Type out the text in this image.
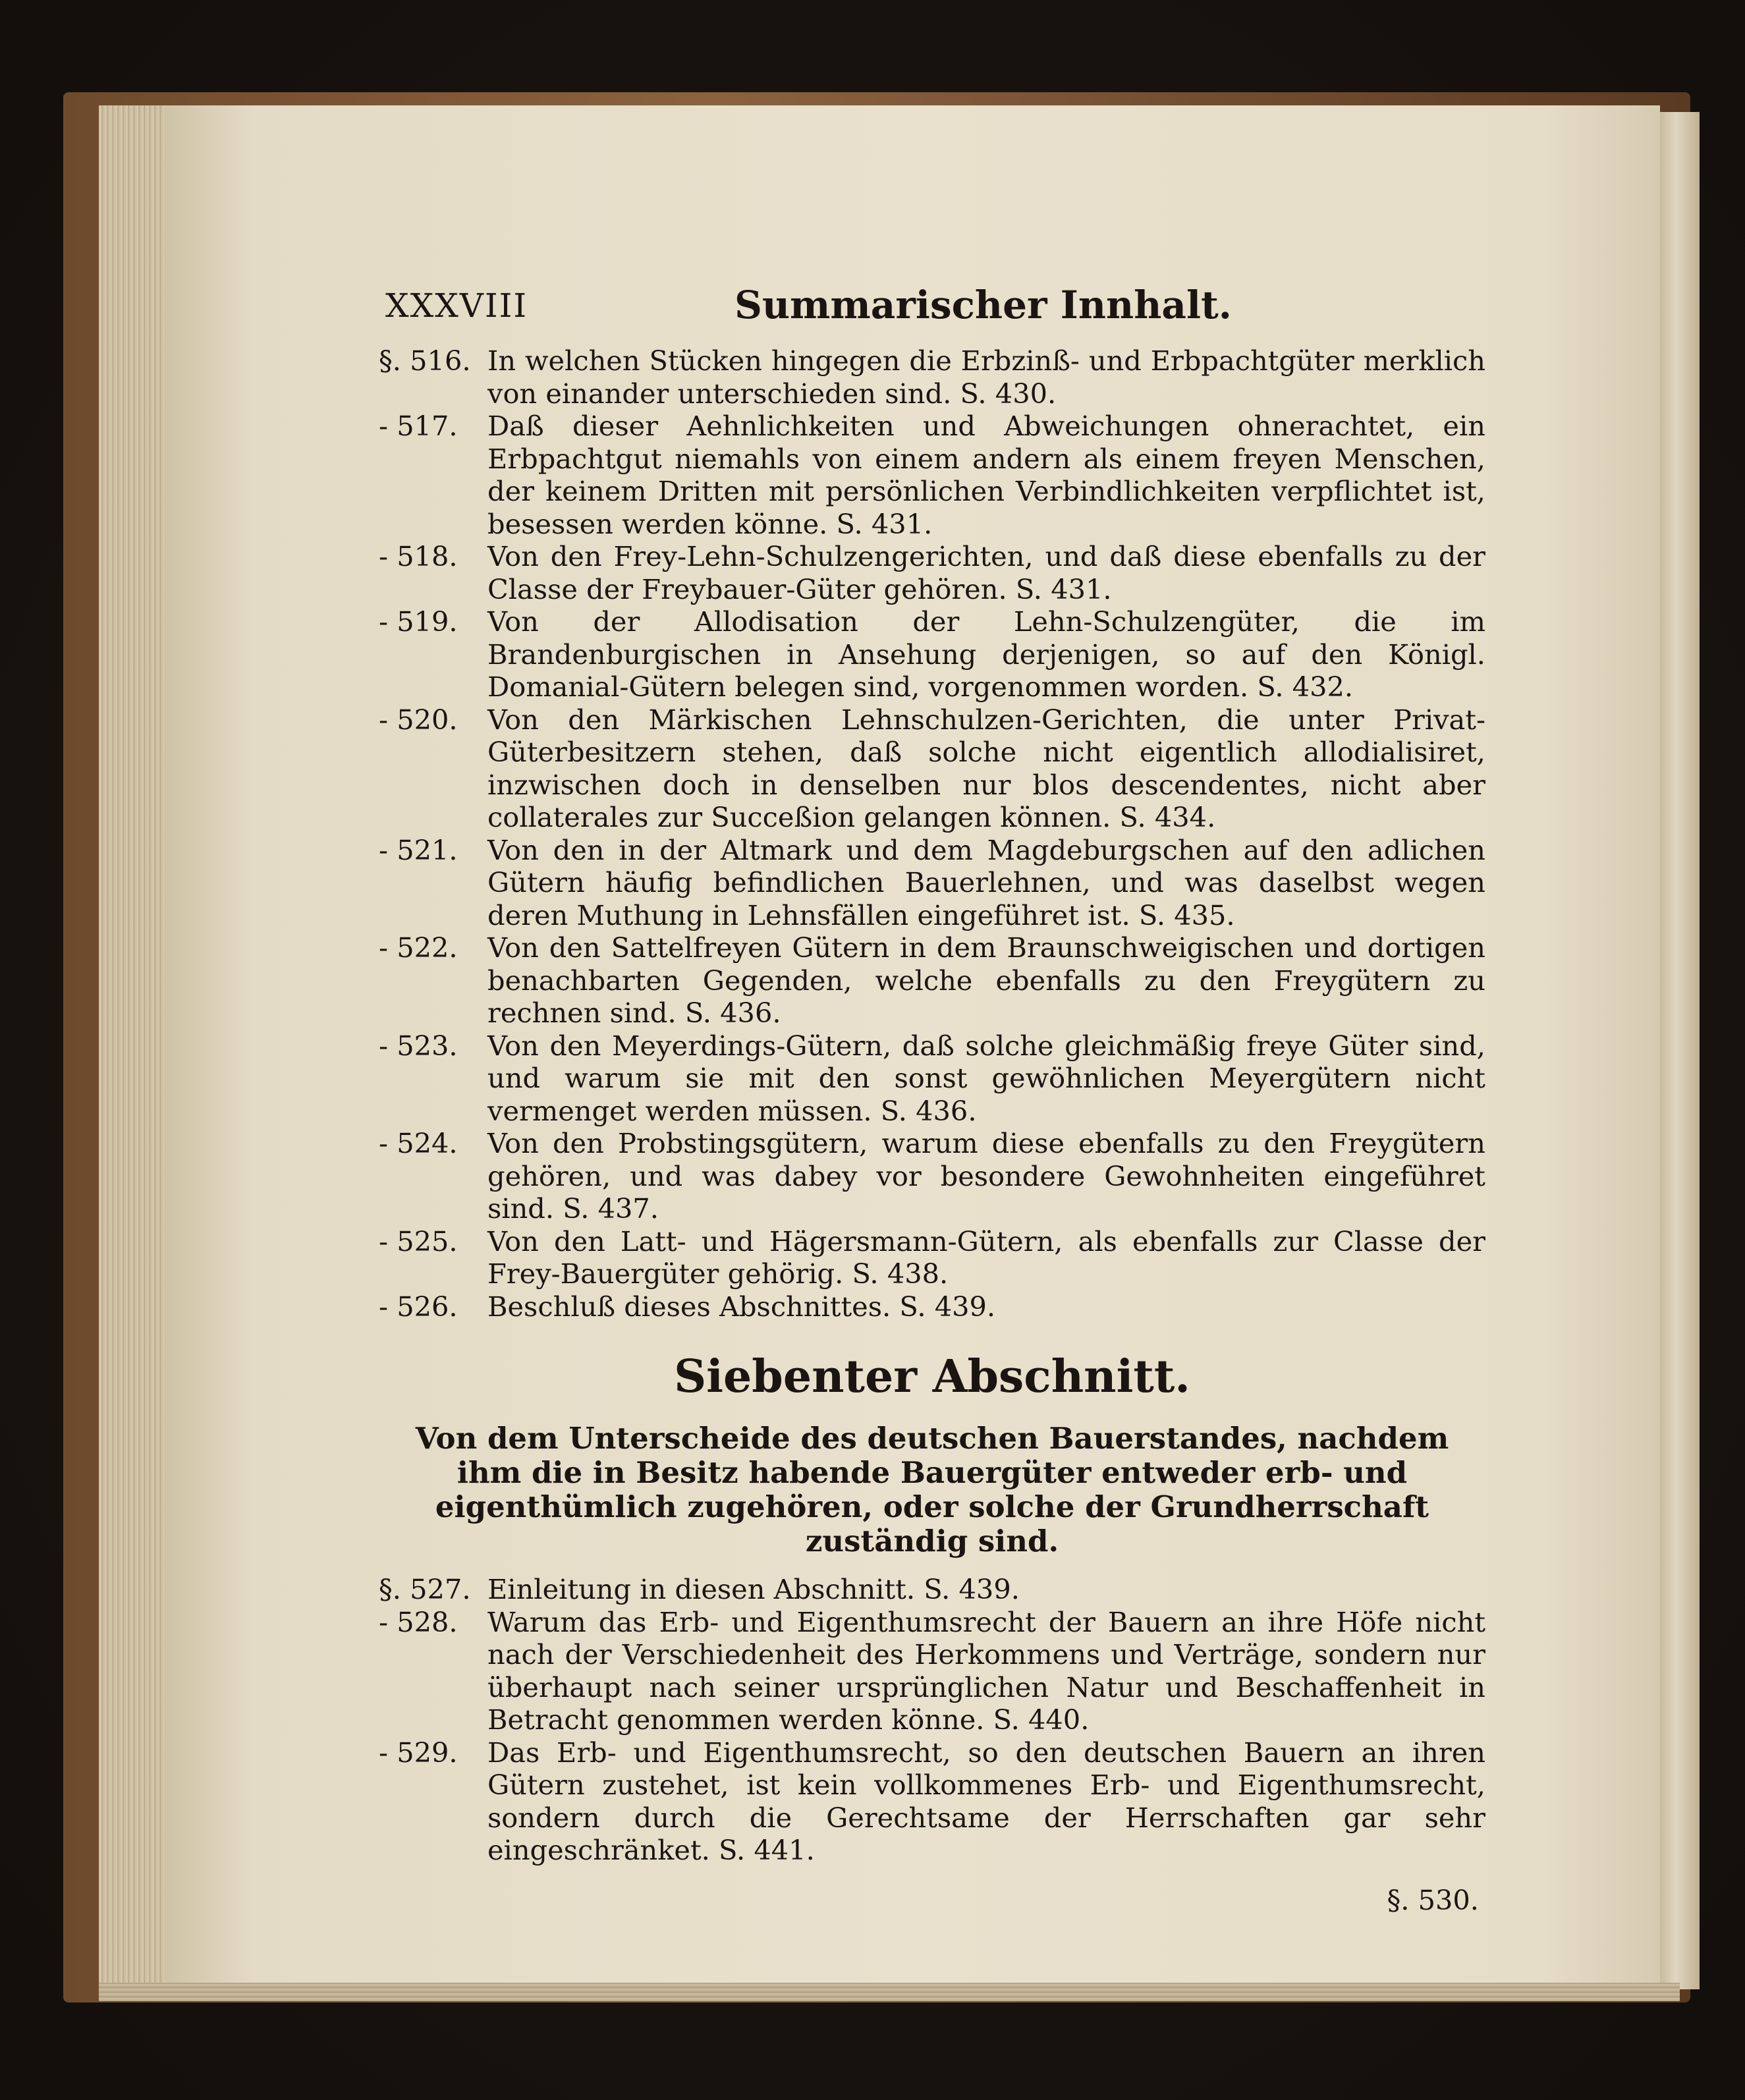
XXXVIII	Summarischer Innhalt.
§. 516. In welchen Stücken hingegen die Erbzinß- und Erbpachtgüter merklich von einander unterschieden sind. S. 430.
- 517.	Daß dieser Aehnlichkeiten und Abweichungen ohnerachtet, ein Erbpachtgut niemahls von einem andern als einem freyen Menschen, der keinem Dritten mit persönlichen Verbindlichkeiten verpflichtet ist, besessen werden könne. S. 431.
- 518.	Von den Frey-Lehn-Schulzengerichten, und daß diese ebenfalls zu der Classe der Freybauer-Güter gehören. S. 431.
- 519.	Von der Allodisation der Lehn-Schulzengüter, die im Brandenburgischen in Ansehung derjenigen, so auf den Königl. Domanial-Gütern belegen sind, vorgenommen worden. S. 432.
- 520.	Von den Märkischen Lehnschulzen-Gerichten, die unter Privat-Güterbesitzern stehen, daß solche nicht eigentlich allodialisiret, inzwischen doch in denselben nur blos descendentes, nicht aber collaterales zur Succeßion gelangen können. S. 434.
- 521.	Von den in der Altmark und dem Magdeburgschen auf den adlichen Gütern häufig befindlichen Bauerlehnen, und was daselbst wegen deren Muthung in Lehnsfällen eingeführet ist. S. 435.
- 522.	Von den Sattelfreyen Gütern in dem Braunschweigischen und dortigen benachbarten Gegenden, welche ebenfalls zu den Freygütern zu rechnen sind. S. 436.
- 523.	Von den Meyerdings-Gütern, daß solche gleichmäßig freye Güter sind, und warum sie mit den sonst gewöhnlichen Meyergütern nicht vermenget werden müssen. S. 436.
- 524.	Von den Probstingsgütern, warum diese ebenfalls zu den Freygütern gehören, und was dabey vor besondere Gewohnheiten eingeführet sind. S. 437.
- 525.	Von den Latt- und Hägersmann-Gütern, als ebenfalls zur Classe der Frey-Bauergüter gehörig. S. 438.
- 526.	Beschluß dieses Abschnittes. S. 439.
Siebenter Abschnitt.
Von dem Unterscheide des deutschen Bauerstandes, nachdem ihm die in Besitz habende Bauergüter entweder erb- und eigenthümlich zugehören, oder solche der Grundherrschaft zuständig sind.
§. 527. Einleitung in diesen Abschnitt. S. 439.
- 528.	Warum das Erb- und Eigenthumsrecht der Bauern an ihre Höfe nicht nach der Verschiedenheit des Herkommens und Verträge, sondern nur überhaupt nach seiner ursprünglichen Natur und Beschaffenheit in Betracht genommen werden könne. S. 440.
- 529.	Das Erb- und Eigenthumsrecht, so den deutschen Bauern an ihren Gütern zustehet, ist kein vollkommenes Erb- und Eigenthumsrecht, sondern durch die Gerechtsame der Herrschaften gar sehr eingeschränket. S. 441.
§. 530.
